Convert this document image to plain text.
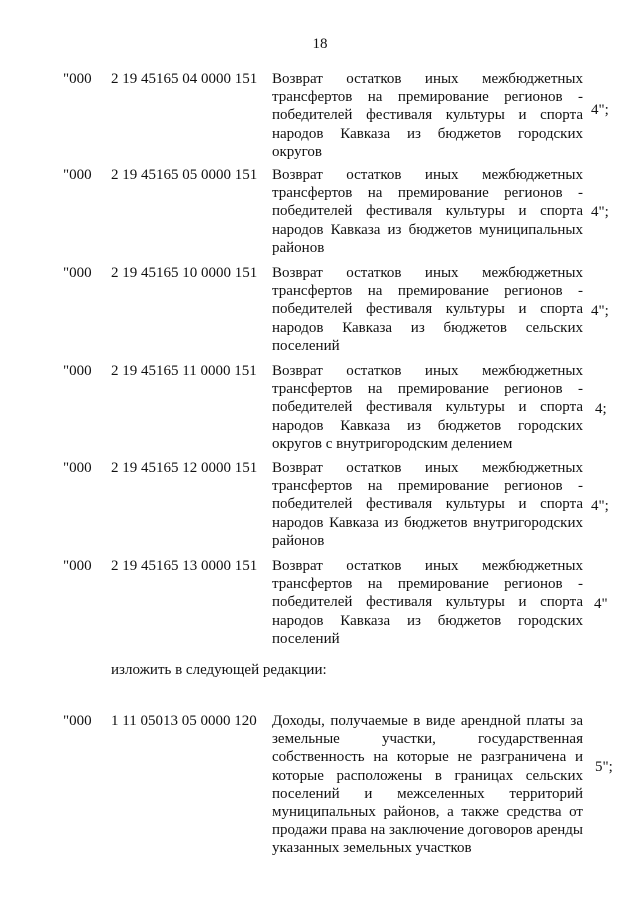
18
"000 2 19 45165 04 0000 151 Возврат остатков иных межбюджетных трансфертов на премирование регионов - победителей фестиваля культуры и спорта народов Кавказа из бюджетов городских округов
4";
"000 2 19 45165 05 0000 151 Возврат остатков иных межбюджетных трансфертов на премирование регионов - победителей фестиваля культуры и спорта народов Кавказа из бюджетов муниципальных районов
4";
"000 2 19 45165 10 0000 151 Возврат остатков иных межбюджетных трансфертов на премирование регионов - победителей фестиваля культуры и спорта народов Кавказа из бюджетов сельских поселений
4";
"000 2 19 45165 11 0000 151 Возврат остатков иных межбюджетных трансфертов на премирование регионов - победителей фестиваля культуры и спорта народов Кавказа из бюджетов городских округов с внутригородским делением
4;
"000 2 19 45165 12 0000 151 Возврат остатков иных межбюджетных трансфертов на премирование регионов - победителей фестиваля культуры и спорта народов Кавказа из бюджетов внутригородских районов
4";
"000 2 19 45165 13 0000 151 Возврат остатков иных межбюджетных трансфертов на премирование регионов - победителей фестиваля культуры и спорта народов Кавказа из бюджетов городских поселений
4"
изложить в следующей редакции:
"000 1 11 05013 05 0000 120 Доходы, получаемые в виде арендной платы за земельные участки, государственная собственность на которые не разграничена и которые расположены в границах сельских поселений и межселенных территорий муниципальных районов, а также средства от продажи права на заключение договоров аренды указанных земельных участков
5";
